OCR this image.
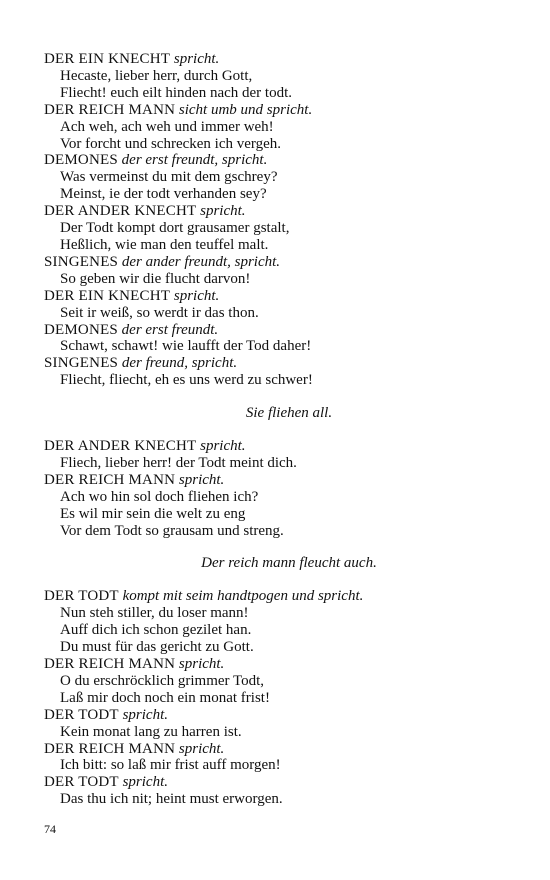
DER EIN KNECHT spricht.
Hecaste, lieber herr, durch Gott,
Fliecht! euch eilt hinden nach der todt.
DER REICH MANN sicht umb und spricht.
Ach weh, ach weh und immer weh!
Vor forcht und schrecken ich vergeh.
DEMONES der erst freundt, spricht.
Was vermeinst du mit dem gschrey?
Meinst, ie der todt verhanden sey?
DER ANDER KNECHT spricht.
Der Todt kompt dort grausamer gstalt,
Heßlich, wie man den teuffel malt.
SINGENES der ander freundt, spricht.
So geben wir die flucht darvon!
DER EIN KNECHT spricht.
Seit ir weiß, so werdt ir das thon.
DEMONES der erst freundt.
Schawt, schawt! wie laufft der Tod daher!
SINGENES der freund, spricht.
Fliecht, fliecht, eh es uns werd zu schwer!
Sie fliehen all.
DER ANDER KNECHT spricht.
Fliech, lieber herr! der Todt meint dich.
DER REICH MANN spricht.
Ach wo hin sol doch fliehen ich?
Es wil mir sein die welt zu eng
Vor dem Todt so grausam und streng.
Der reich mann fleucht auch.
DER TODT kompt mit seim handtpogen und spricht.
Nun steh stiller, du loser mann!
Auff dich ich schon gezilet han.
Du must für das gericht zu Gott.
DER REICH MANN spricht.
O du erschröcklich grimmer Todt,
Laß mir doch noch ein monat frist!
DER TODT spricht.
Kein monat lang zu harren ist.
DER REICH MANN spricht.
Ich bitt: so laß mir frist auff morgen!
DER TODT spricht.
Das thu ich nit; heint must erworgen.
74
